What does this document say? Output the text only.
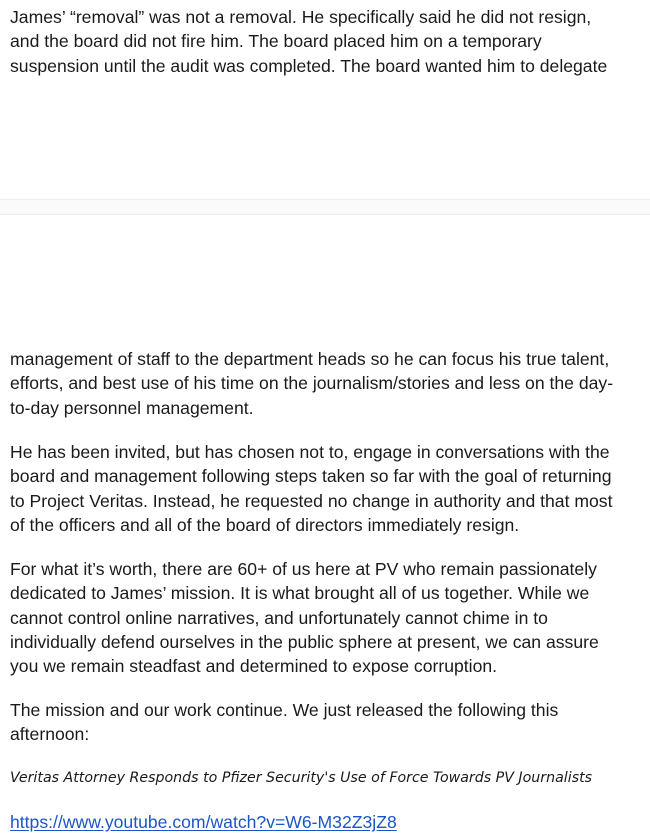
James’ “removal” was not a removal. He specifically said he did not resign,
and the board did not fire him. The board placed him on a temporary
suspension until the audit was completed. The board wanted him to delegate

management of staff to the department heads so he can focus his true talent,
efforts, and best use of his time on the journalism/stories and less on the day-
to-day personnel management.

He has been invited, but has chosen not to, engage in conversations with the
board and management following steps taken so far with the goal of returning
to Project Veritas. Instead, he requested no change in authority and that most
of the officers and all of the board of directors immediately resign.

For what it’s worth, there are 60+ of us here at PV who remain passionately
dedicated to James’ mission. It is what brought all of us together. While we
cannot control online narratives, and unfortunately cannot chime in to
individually defend ourselves in the public sphere at present, we can assure
you we remain steadfast and determined to expose corruption.

The mission and our work continue. We just released the following this
afternoon:

Veritas Attorney Responds to Pfizer Security's Use of Force Towards PV Journalists

https://www.youtube.com/watch?v=W6-M32Z3jZ8
